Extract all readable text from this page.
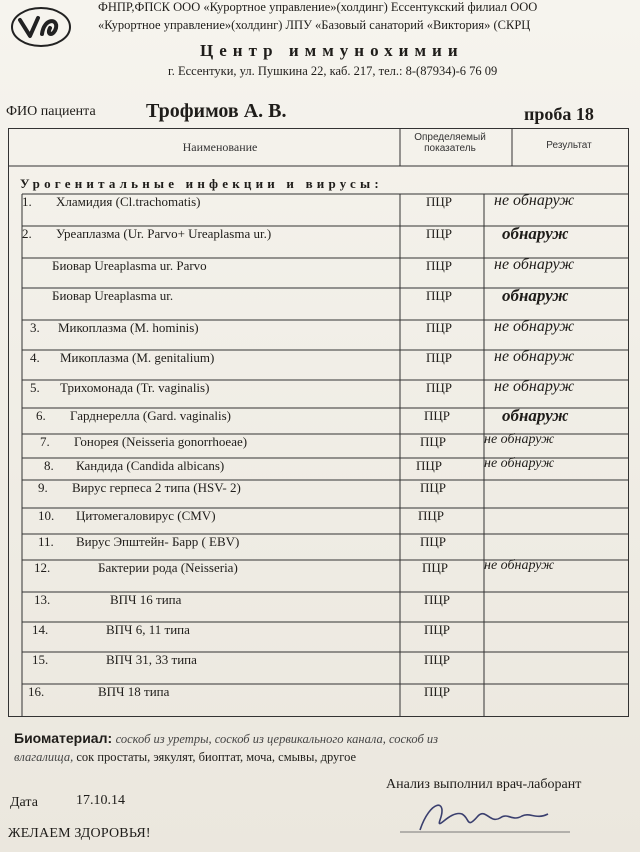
ФНПР,ФПСК ООО «Курортное управление»(холдинг) Ессентукский филиал ООО
«Курортное управление»(холдинг) ЛПУ «Базовый санаторий «Виктория» (СКРЦ
Центр иммунохимии
г. Ессентуки, ул. Пушкина 22, каб. 217, тел.: 8-(87934)-6 76 09
ФИО пациента	Трофимов А. В.	проба 18
Наименование
Определяемый показатель	Результат
Урогенитальные инфекции и вирусы:
1. Хламидия (Cl.trachomatis)	ПЦР	не обнаруж
2. Уреаплазма (Ur. Parvo+ Ureaplasma ur.)	ПЦР	обнаруж
Биовар Ureaplasma ur. Parvo	ПЦР	не обнаруж
Биовар Ureaplasma ur.	ПЦР	обнаруж
3. Микоплазма (M. hominis)	ПЦР	не обнаруж
4. Микоплазма (M. genitalium)	ПЦР	не обнаруж
5. Трихомонада (Tr. vaginalis)	ПЦР	не обнаруж
6. Гарднерелла (Gard. vaginalis)	ПЦР	обнаруж
7. Гонорея (Neisseria gonorrhoeae)	ПЦР	не обнаруж
8. Кандида (Candida albicans)	ПЦР	не обнаруж
9. Вирус герпеса 2 типа (HSV- 2)	ПЦР
10. Цитомегаловирус (CMV)	ПЦР
11. Вирус Эпштейн- Барр ( EBV)	ПЦР
12.	Бактерии рода (Neisseria)	ПЦР	не обнаруж
13.	ВПЧ 16 типа	ПЦР
14.	ВПЧ 6, 11 типа	ПЦР
15.	ВПЧ 31, 33 типа	ПЦР
16.	ВПЧ 18 типа	ПЦР
Биоматериал: соскоб из уретры, соскоб из цервикального канала, соскоб из
влагалища, сок простаты, эякулят, биоптат, моча, смывы, другое
Дата	17.10.14
Анализ выполнил врач-лаборант
ЖЕЛАЕМ ЗДОРОВЬЯ!
